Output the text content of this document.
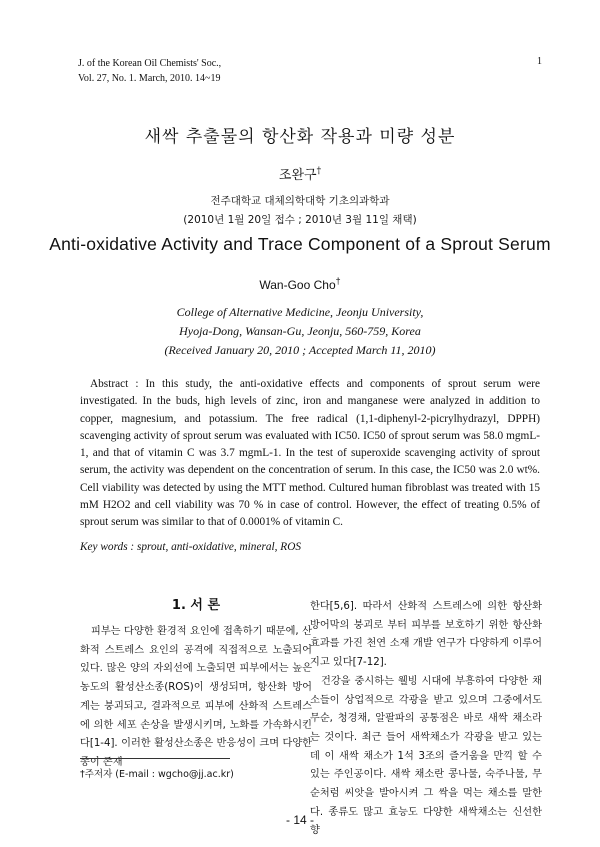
J. of the Korean Oil Chemists' Soc.,
Vol. 27, No. 1. March, 2010. 14~19
1
새싹 추출물의 항산화 작용과 미량 성분
조완구†
전주대학교 대체의학대학 기초의과학과
(2010년 1월 20일 접수 ; 2010년 3월 11일 채택)
Anti-oxidative Activity and Trace Component of a Sprout Serum
Wan-Goo Cho†
College of Alternative Medicine, Jeonju University,
Hyoja-Dong, Wansan-Gu, Jeonju, 560-759, Korea
(Received January 20, 2010 ; Accepted March 11, 2010)
Abstract : In this study, the anti-oxidative effects and components of sprout serum were investigated. In the buds, high levels of zinc, iron and manganese were analyzed in addition to copper, magnesium, and potassium. The free radical (1,1-diphenyl-2-picrylhydrazyl, DPPH) scavenging activity of sprout serum was evaluated with IC50. IC50 of sprout serum was 58.0 mgmL-1, and that of vitamin C was 3.7 mgmL-1. In the test of superoxide scavenging activity of sprout serum, the activity was dependent on the concentration of serum. In this case, the IC50 was 2.0 wt%. Cell viability was detected by using the MTT method. Cultured human fibroblast was treated with 15 mM H2O2 and cell viability was 70 % in case of control. However, the effect of treating 0.5% of sprout serum was similar to that of 0.0001% of vitamin C.
Key words : sprout, anti-oxidative, mineral, ROS
1. 서 론

피부는 다양한 환경적 요인에 접촉하기 때문에, 산화적 스트레스 요인의 공격에 직접적으로 노출되어 있다. 많은 양의 자외선에 노출되면 피부에서는 높은 농도의 활성산소종(ROS)이 생성되며, 항산화 방어계는 붕괴되고, 결과적으로 피부에 산화적 스트레스에 의한 세포 손상을 발생시키며, 노화를 가속화시킨다[1-4]. 이러한 활성산소종은 반응성이 크며 다양한 종이 존재

한다[5,6]. 따라서 산화적 스트레스에 의한 항산화 방어막의 붕괴로 부터 피부를 보호하기 위한 항산화 효과를 가진 천연 소재 개발 연구가 다양하게 이루어지고 있다[7-12].

건강을 중시하는 웰빙 시대에 부흥하여 다양한 채소들이 상업적으로 각광을 받고 있으며 그중에서도 무순, 청경채, 알팔파의 공통점은 바로 새싹 채소라는 것이다. 최근 들어 새싹채소가 각광을 받고 있는데 이 새싹 채소가 1석 3조의 즐거움을 만끽 할 수 있는 주인공이다. 새싹 채소란 콩나물, 숙주나물, 무순처럼 씨앗을 발아시켜 그 싹을 먹는 채소를 말한다. 종류도 많고 효능도 다양한 새싹채소는 신선한 향

†주저자 (E-mail : wgcho@jj.ac.kr)
- 14 -
